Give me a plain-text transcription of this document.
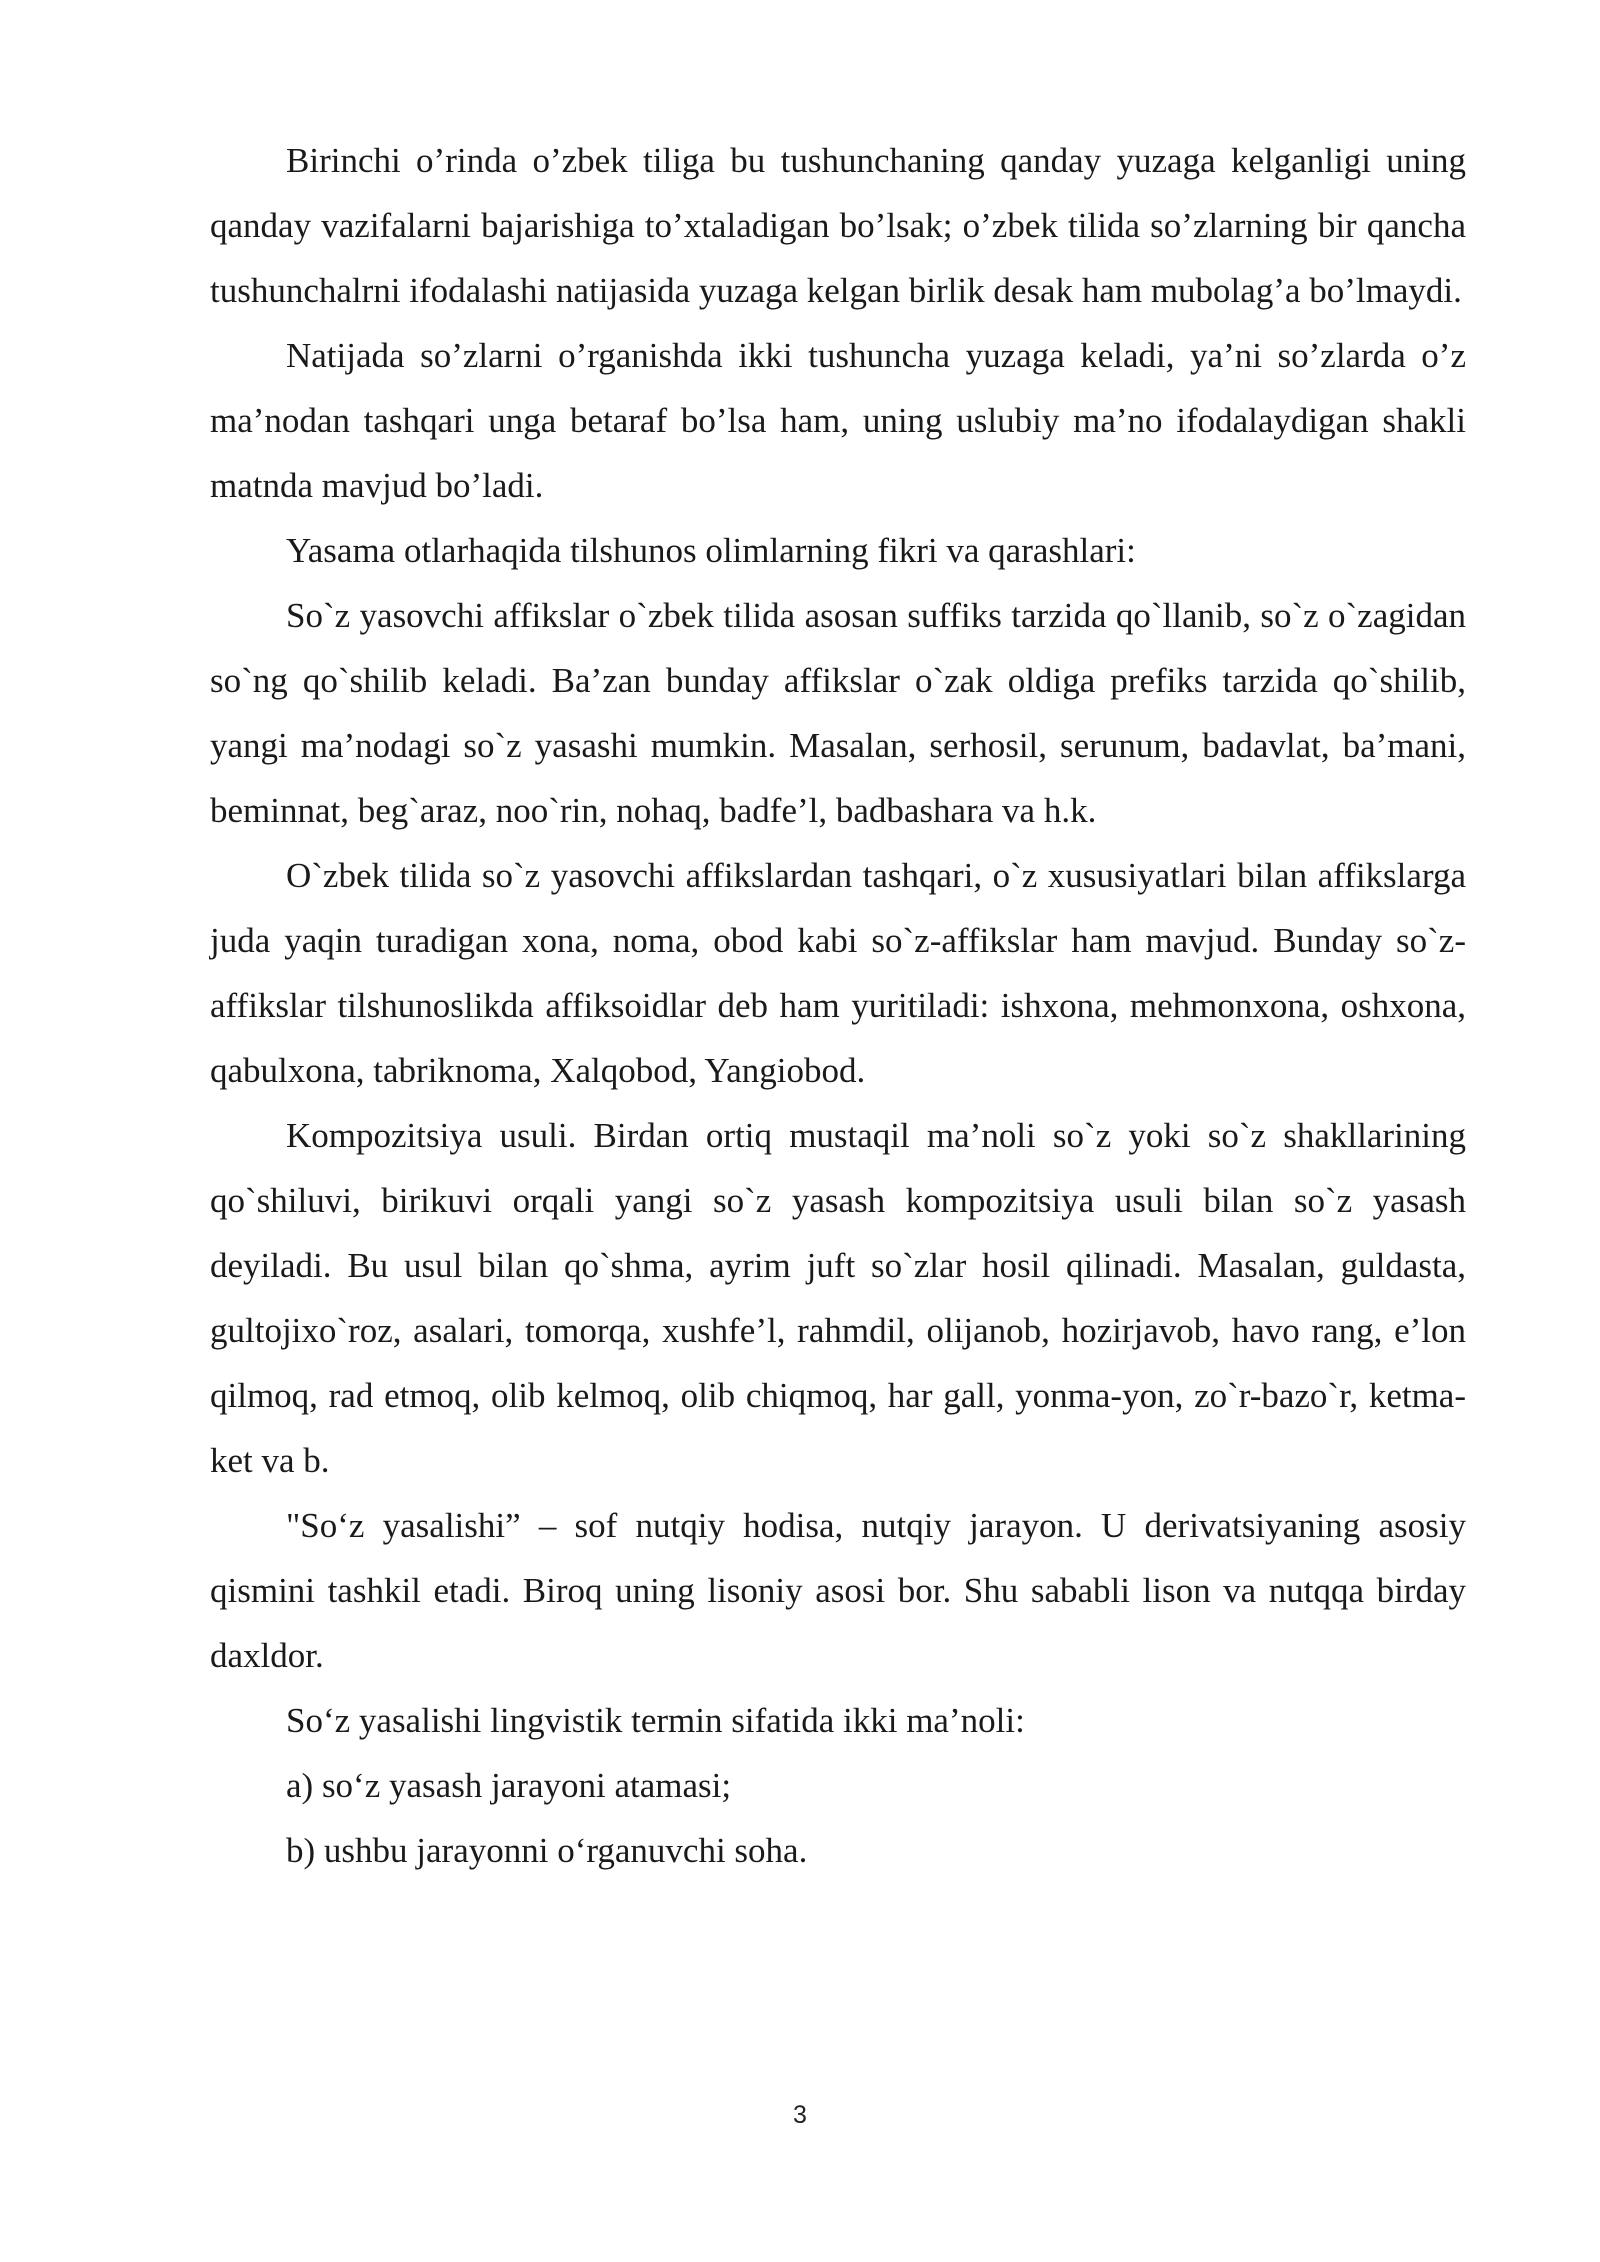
Birinchi o’rinda o’zbek tiliga bu tushunchaning qanday yuzaga kelganligi uning qanday vazifalarni bajarishiga to’xtaladigan bo’lsak; o’zbek tilida so’zlarning bir qancha tushunchalrni ifodalashi natijasida yuzaga kelgan birlik desak ham mubolag’a bo’lmaydi.

Natijada so’zlarni o’rganishda ikki tushuncha yuzaga keladi, ya’ni so’zlarda o’z ma’nodan tashqari unga betaraf bo’lsa ham, uning uslubiy ma’no ifodalaydigan shakli matnda mavjud bo’ladi.

Yasama otlarhaqida tilshunos olimlarning fikri va qarashlari:

So`z yasovchi affikslar o`zbek tilida asosan suffiks tarzida qo`llanib, so`z o`zagidan so`ng qo`shilib keladi. Ba’zan bunday affikslar o`zak oldiga prefiks tarzida qo`shilib, yangi ma’nodagi so`z yasashi mumkin. Masalan, serhosil, serunum, badavlat, ba’mani, beminnat, beg`araz, noo`rin, nohaq, badfe’l, badbashara va h.k.

O`zbek tilida so`z yasovchi affikslardan tashqari, o`z xususiyatlari bilan affikslarga juda yaqin turadigan xona, noma, obod kabi so`z-affikslar ham mavjud. Bunday so`z-affikslar tilshunoslikda affiksoidlar deb ham yuritiladi: ishxona, mehmonxona, oshxona, qabulxona, tabriknoma, Xalqobod, Yangiobod.

Kompozitsiya usuli. Birdan ortiq mustaqil ma’noli so`z yoki so`z shakllarining qo`shiluvi, birikuvi orqali yangi so`z yasash kompozitsiya usuli bilan so`z yasash deyiladi. Bu usul bilan qo`shma, ayrim juft so`zlar hosil qilinadi. Masalan, guldasta, gultojixo`roz, asalari, tomorqa, xushfe’l, rahmdil, olijanob, hozirjavob, havo rang, e’lon qilmoq, rad etmoq, olib kelmoq, olib chiqmoq, har gall, yonma-yon, zo`r-bazo`r, ketma-ket va b.

"So‘z yasalishi” – sof nutqiy hodisa, nutqiy jarayon. U derivatsiyaning asosiy qismini tashkil etadi. Biroq uning lisoniy asosi bor. Shu sababli lison va nutqqa birday daxldor.

So‘z yasalishi lingvistik termin sifatida ikki ma’noli:

a) so‘z yasash jarayoni atamasi;

b) ushbu jarayonni o‘rganuvchi soha.

3
